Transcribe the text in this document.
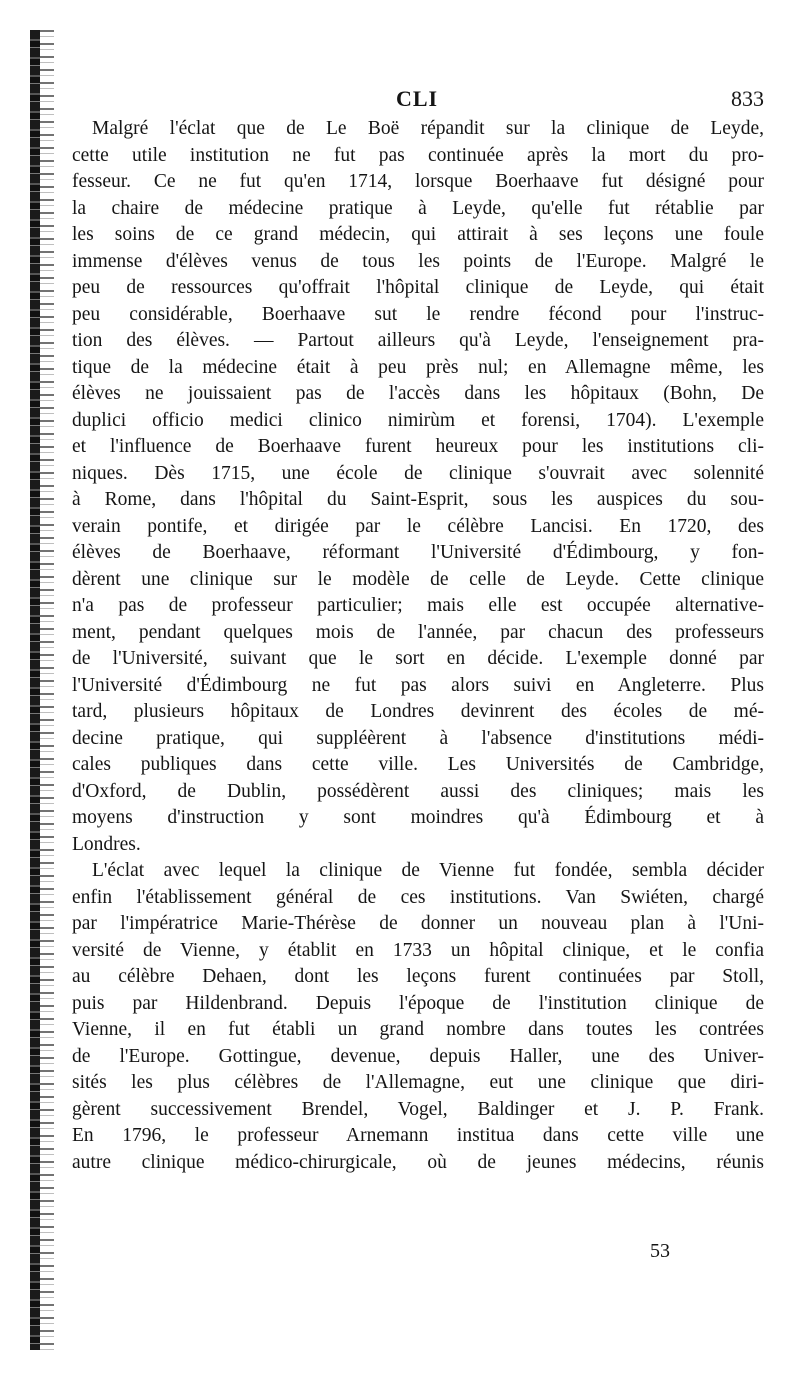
CLI	833
Malgré l'éclat que de Le Boë répandit sur la clinique de Leyde,
cette utile institution ne fut pas continuée après la mort du pro-
fesseur. Ce ne fut qu'en 1714, lorsque Boerhaave fut désigné pour
la chaire de médecine pratique à Leyde, qu'elle fut rétablie par
les soins de ce grand médecin, qui attirait à ses leçons une foule
immense d'élèves venus de tous les points de l'Europe. Malgré le
peu de ressources qu'offrait l'hôpital clinique de Leyde, qui était
peu considérable, Boerhaave sut le rendre fécond pour l'instruc-
tion des élèves. — Partout ailleurs qu'à Leyde, l'enseignement pra-
tique de la médecine était à peu près nul; en Allemagne même, les
élèves ne jouissaient pas de l'accès dans les hôpitaux (Bohn, De
duplici officio medici clinico nimirùm et forensi, 1704). L'exemple
et l'influence de Boerhaave furent heureux pour les institutions cli-
niques. Dès 1715, une école de clinique s'ouvrait avec solennité
à Rome, dans l'hôpital du Saint-Esprit, sous les auspices du sou-
verain pontife, et dirigée par le célèbre Lancisi. En 1720, des
élèves de Boerhaave, réformant l'Université d'Édimbourg, y fon-
dèrent une clinique sur le modèle de celle de Leyde. Cette clinique
n'a pas de professeur particulier; mais elle est occupée alternative-
ment, pendant quelques mois de l'année, par chacun des professeurs
de l'Université, suivant que le sort en décide. L'exemple donné par
l'Université d'Édimbourg ne fut pas alors suivi en Angleterre. Plus
tard, plusieurs hôpitaux de Londres devinrent des écoles de mé-
decine pratique, qui suppléèrent à l'absence d'institutions médi-
cales publiques dans cette ville. Les Universités de Cambridge,
d'Oxford, de Dublin, possédèrent aussi des cliniques; mais les
moyens d'instruction y sont moindres qu'à Édimbourg et à
Londres.
L'éclat avec lequel la clinique de Vienne fut fondée, sembla décider
enfin l'établissement général de ces institutions. Van Swiéten, chargé
par l'impératrice Marie-Thérèse de donner un nouveau plan à l'Uni-
versité de Vienne, y établit en 1733 un hôpital clinique, et le confia
au célèbre Dehaen, dont les leçons furent continuées par Stoll,
puis par Hildenbrand. Depuis l'époque de l'institution clinique de
Vienne, il en fut établi un grand nombre dans toutes les contrées
de l'Europe. Gottingue, devenue, depuis Haller, une des Univer-
sités les plus célèbres de l'Allemagne, eut une clinique que diri-
gèrent successivement Brendel, Vogel, Baldinger et J. P. Frank.
En 1796, le professeur Arnemann institua dans cette ville une
autre clinique médico-chirurgicale, où de jeunes médecins, réunis
53
